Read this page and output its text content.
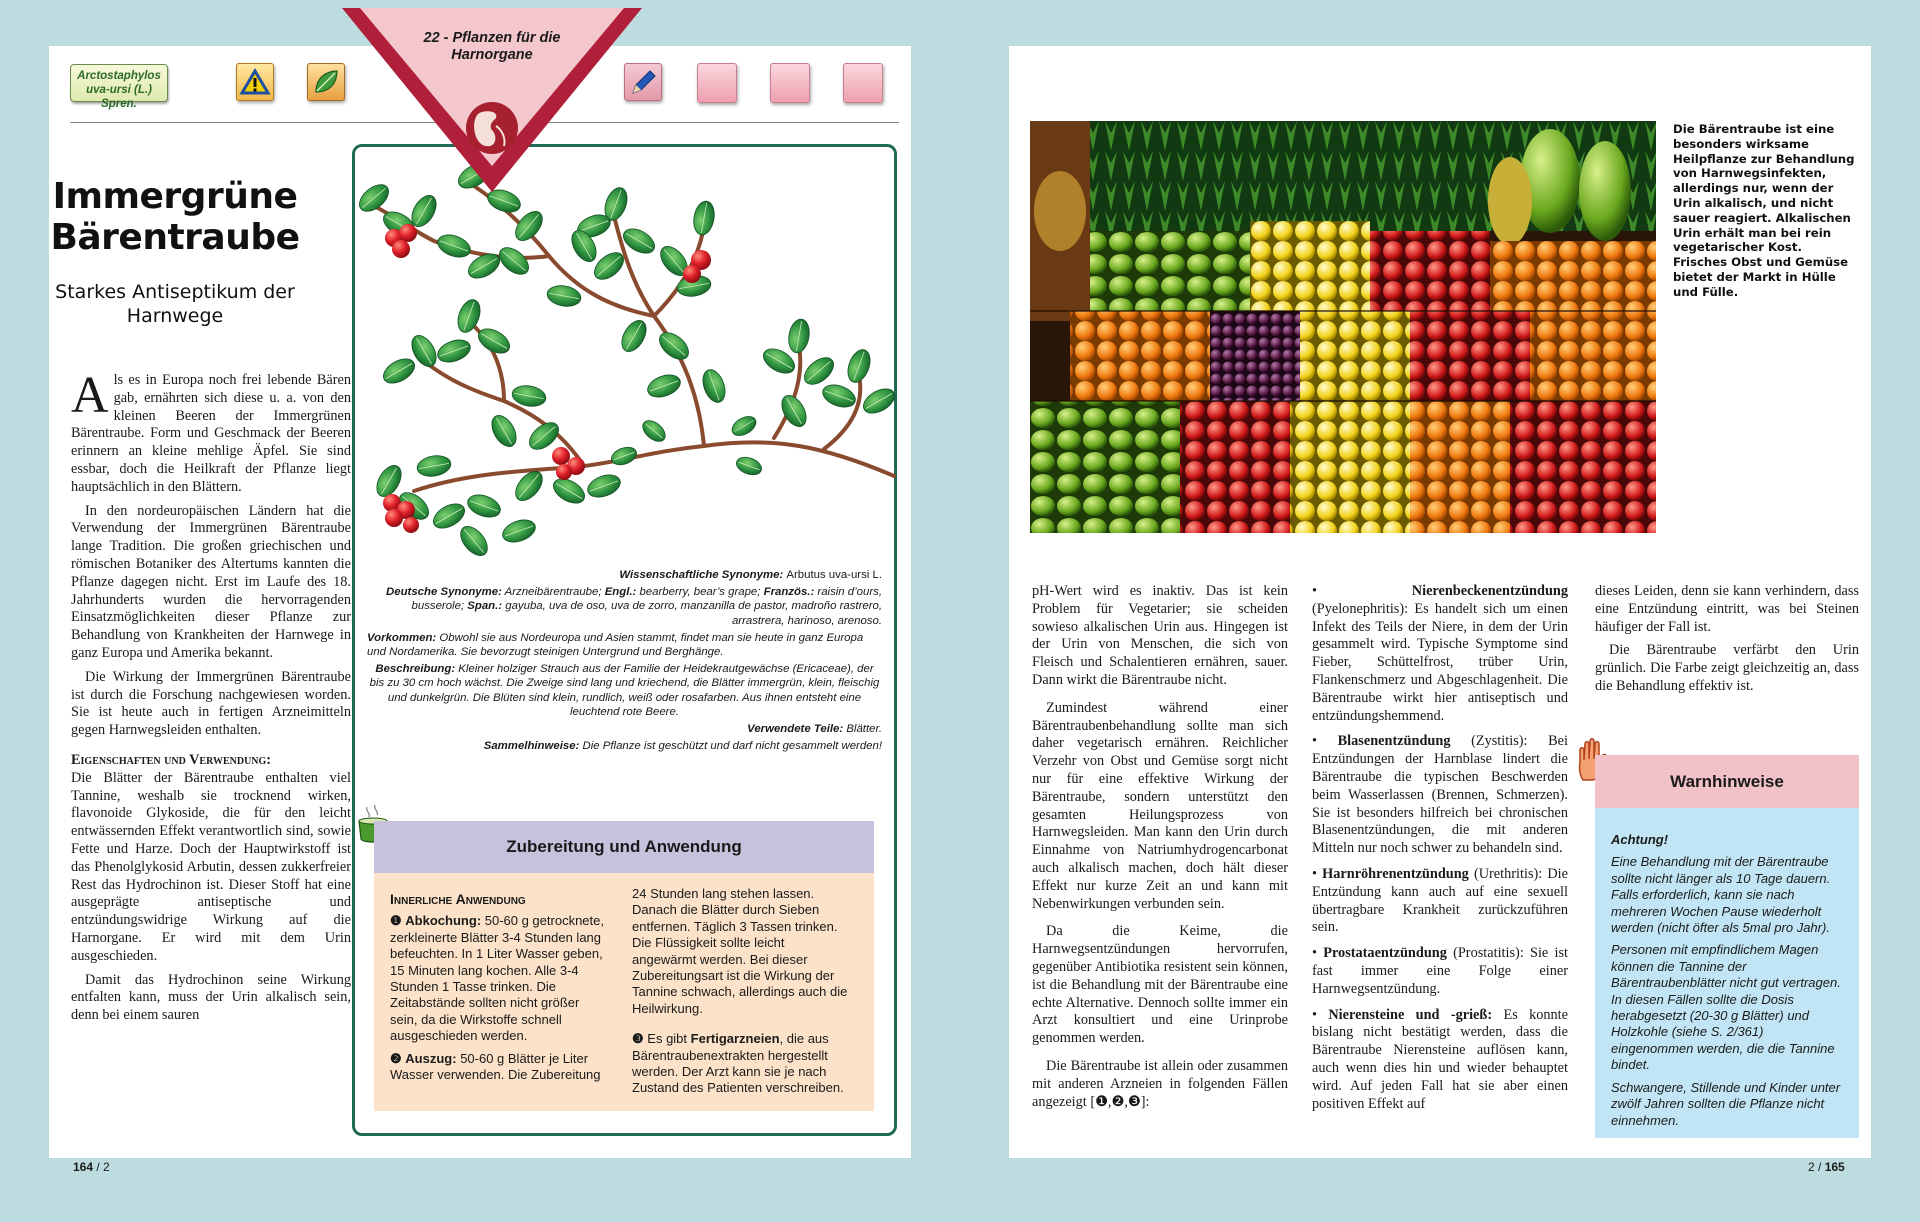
Arctostaphylos uva-ursi (L.) Spren.
Immergrüne Bärentraube
Starkes Antiseptikum der Harnwege

Als es in Europa noch frei lebende Bären gab, ernährten sich diese u. a. von den kleinen Beeren der Immergrünen Bärentraube. Form und Geschmack der Beeren erinnern an kleine mehlige Äpfel. Sie sind essbar, doch die Heilkraft der Pflanze liegt hauptsächlich in den Blättern.

In den nordeuropäischen Ländern hat die Verwendung der Immergrünen Bärentraube lange Tradition. Die großen griechischen und römischen Botaniker des Altertums kannten die Pflanze dagegen nicht. Erst im Laufe des 18. Jahrhunderts wurden die hervorragenden Einsatzmöglichkeiten dieser Pflanze zur Behandlung von Krankheiten der Harnwege in ganz Europa und Amerika bekannt.

Die Wirkung der Immergrünen Bärentraube ist durch die Forschung nachgewiesen worden. Sie ist heute auch in fertigen Arzneimitteln gegen Harnwegsleiden enthalten.

Eigenschaften und Verwendung:

Die Blätter der Bärentraube enthalten viel Tannine, weshalb sie trocknend wirken, flavonoide Glykoside, die für den leicht entwässernden Effekt verantwortlich sind, sowie Fette und Harze. Doch der Hauptwirkstoff ist das Phenolglykosid Arbutin, dessen zukkerfreier Rest das Hydrochinon ist. Dieser Stoff hat eine ausgeprägte antiseptische und entzündungswidrige Wirkung auf die Harnorgane. Er wird mit dem Urin ausgeschieden.

Damit das Hydrochinon seine Wirkung entfalten kann, muss der Urin alkalisch sein, denn bei einem sauren

22 - Pflanzen für die Harnorgane

Wissenschaftliche Synonyme: Arbutus uva-ursi L.

Deutsche Synonyme: Arzneibärentraube; Engl.: bearberry, bear’s grape; Französ.: raisin d’ours, busserole; Span.: gayuba, uva de oso, uva de zorro, manzanilla de pastor, madroño rastrero, arrastrera, harinoso, arenoso.

Vorkommen: Obwohl sie aus Nordeuropa und Asien stammt, findet man sie heute in ganz Europa und Nordamerika. Sie bevorzugt steinigen Untergrund und Berghänge.

Beschreibung: Kleiner holziger Strauch aus der Familie der Heidekrautgewächse (Ericaceae), der bis zu 30 cm hoch wächst. Die Zweige sind lang und kriechend, die Blätter immergrün, klein, fleischig und dunkelgrün. Die Blüten sind klein, rundlich, weiß oder rosafarben. Aus ihnen entsteht eine leuchtend rote Beere.

Verwendete Teile: Blätter.

Sammelhinweise: Die Pflanze ist geschützt und darf nicht gesammelt werden!

Zubereitung und Anwendung
Innerliche Anwendung

❶ Abkochung: 50-60 g getrocknete, zerkleinerte Blätter 3-4 Stunden lang befeuchten. In 1 Liter Wasser geben, 15 Minuten lang kochen. Alle 3-4 Stunden 1 Tasse trinken. Die Zeitabstände sollten nicht größer sein, da die Wirkstoffe schnell ausgeschieden werden.

❷ Auszug: 50-60 g Blätter je Liter Wasser verwenden. Die Zubereitung

24 Stunden lang stehen lassen. Danach die Blätter durch Sieben entfernen. Täglich 3 Tassen trinken. Die Flüssigkeit sollte leicht angewärmt werden. Bei dieser Zubereitungsart ist die Wirkung der Tannine schwach, allerdings auch die Heilwirkung.

❸ Es gibt Fertigarzneien, die aus Bärentraubenextrakten hergestellt werden. Der Arzt kann sie je nach Zustand des Patienten verschreiben.

164 / 2
Die Bärentraube ist eine besonders wirksame Heilpflanze zur Behandlung von Harnwegsinfekten, allerdings nur, wenn der Urin alkalisch, und nicht sauer reagiert. Alkalischen Urin erhält man bei rein vegetarischer Kost. Frisches Obst und Gemüse bietet der Markt in Hülle und Fülle.

pH-Wert wird es inaktiv. Das ist kein Problem für Vegetarier; sie scheiden sowieso alkalischen Urin aus. Hingegen ist der Urin von Menschen, die sich von Fleisch und Schalentieren ernähren, sauer. Dann wirkt die Bärentraube nicht.

Zumindest während einer Bärentraubenbehandlung sollte man sich daher vegetarisch ernähren. Reichlicher Verzehr von Obst und Gemüse sorgt nicht nur für eine effektive Wirkung der Bärentraube, sondern unterstützt den gesamten Heilungsprozess von Harnwegsleiden. Man kann den Urin durch Einnahme von Natriumhydrogencarbonat auch alkalisch machen, doch hält dieser Effekt nur kurze Zeit an und kann mit Nebenwirkungen verbunden sein.

Da die Keime, die Harnwegsentzündungen hervorrufen, gegenüber Antibiotika resistent sein können, ist die Behandlung mit der Bärentraube eine echte Alternative. Dennoch sollte immer ein Arzt konsultiert und eine Urinprobe genommen werden.

Die Bärentraube ist allein oder zusammen mit anderen Arzneien in folgenden Fällen angezeigt [❶,❷,❸]:

• Nierenbeckenentzündung (Pyelonephritis): Es handelt sich um einen Infekt des Teils der Niere, in dem der Urin gesammelt wird. Typische Symptome sind Fieber, Schüttelfrost, trüber Urin, Flankenschmerz und Abgeschlagenheit. Die Bärentraube wirkt hier antiseptisch und entzündungshemmend.

• Blasenentzündung (Zystitis): Bei Entzündungen der Harnblase lindert die Bärentraube die typischen Beschwerden beim Wasserlassen (Brennen, Schmerzen). Sie ist besonders hilfreich bei chronischen Blasenentzündungen, die mit anderen Mitteln nur noch schwer zu behandeln sind.

• Harnröhrenentzündung (Urethritis): Die Entzündung kann auch auf eine sexuell übertragbare Krankheit zurückzuführen sein.

• Prostataentzündung (Prostatitis): Sie ist fast immer eine Folge einer Harnwegsentzündung.

• Nierensteine und -grieß: Es konnte bislang nicht bestätigt werden, dass die Bärentraube Nierensteine auflösen kann, auch wenn dies hin und wieder behauptet wird. Auf jeden Fall hat sie aber einen positiven Effekt auf

dieses Leiden, denn sie kann verhindern, dass eine Entzündung eintritt, was bei Steinen häufiger der Fall ist.

Die Bärentraube verfärbt den Urin grünlich. Die Farbe zeigt gleichzeitig an, dass die Behandlung effektiv ist.

Warnhinweise

Achtung!

Eine Behandlung mit der Bärentraube sollte nicht länger als 10 Tage dauern. Falls erforderlich, kann sie nach mehreren Wochen Pause wiederholt werden (nicht öfter als 5mal pro Jahr).

Personen mit empfindlichem Magen können die Tannine der Bärentraubenblätter nicht gut vertragen. In diesen Fällen sollte die Dosis herabgesetzt (20-30 g Blätter) und Holzkohle (siehe S. 2/361) eingenommen werden, die die Tannine bindet.

Schwangere, Stillende und Kinder unter zwölf Jahren sollten die Pflanze nicht einnehmen.

2 / 165
